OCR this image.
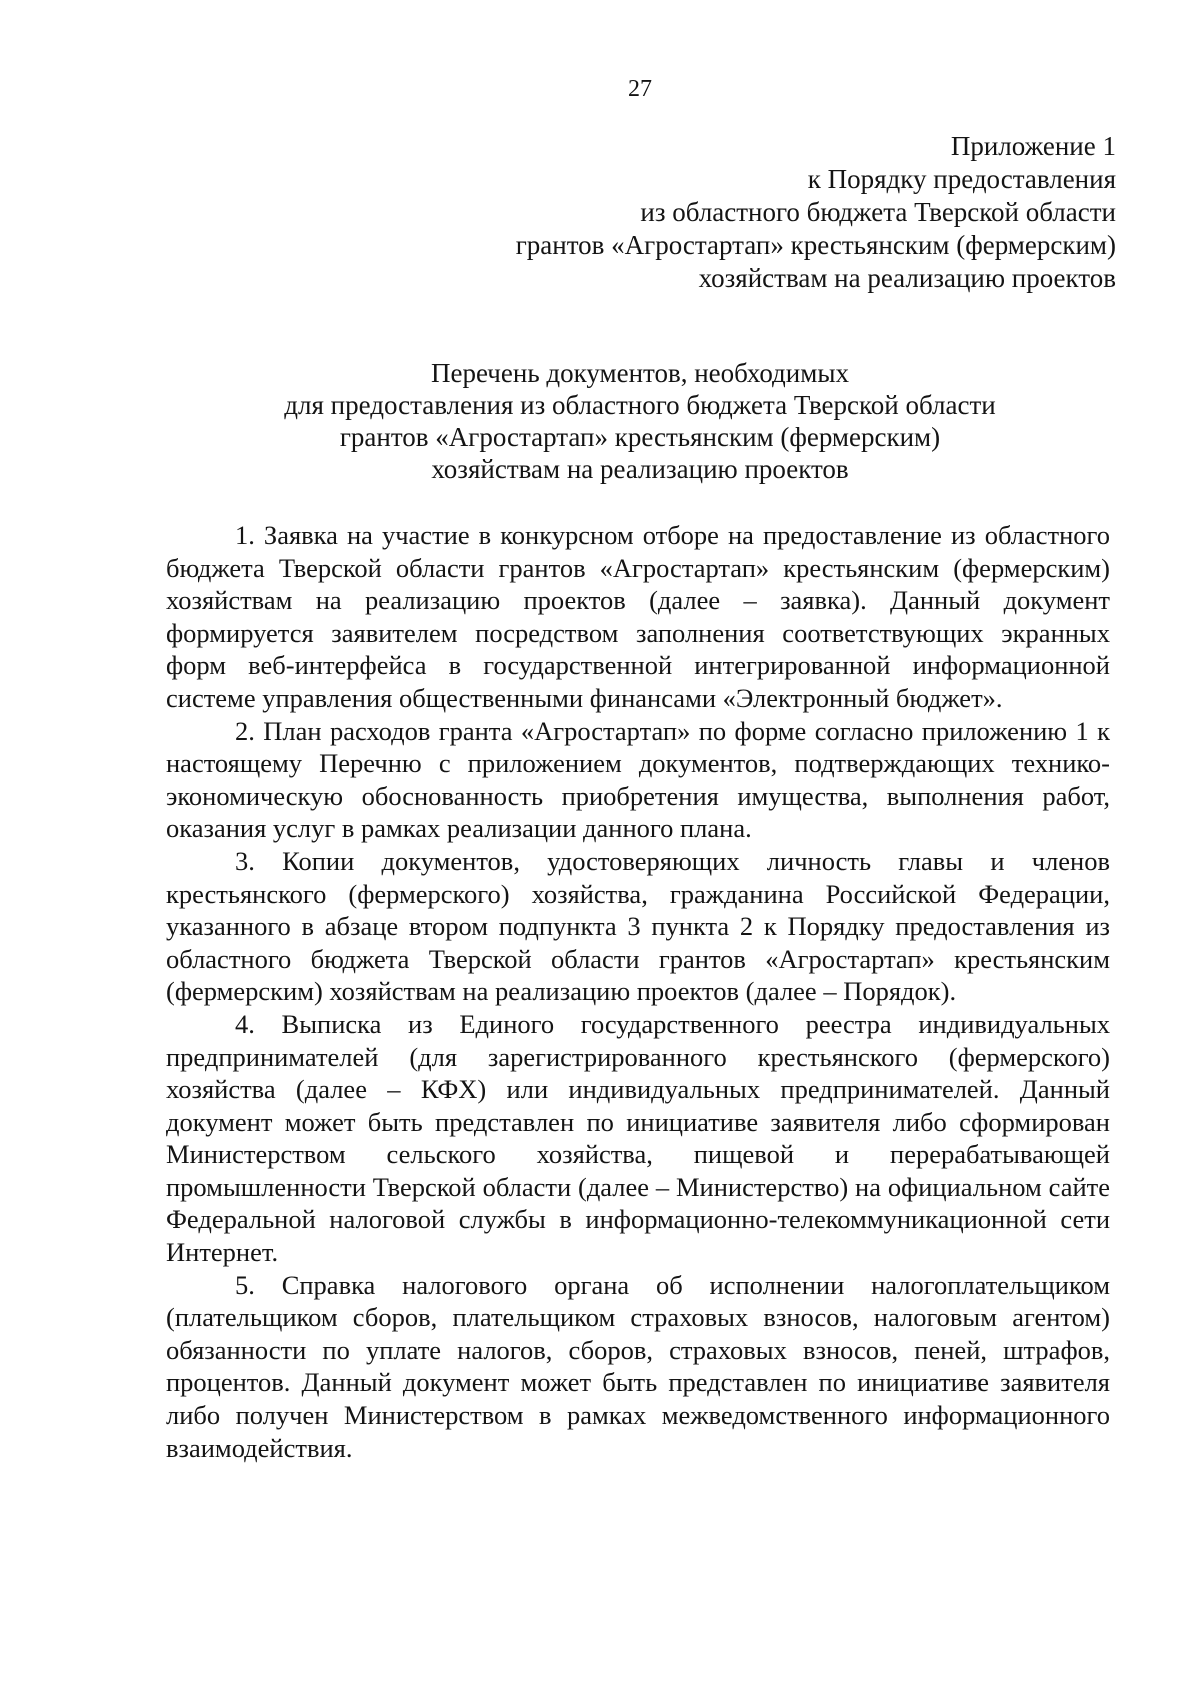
27
Приложение 1
к Порядку предоставления
из областного бюджета Тверской области
грантов «Агростартап» крестьянским (фермерским)
хозяйствам на реализацию проектов
Перечень документов, необходимых
для предоставления из областного бюджета Тверской области
грантов «Агростартап» крестьянским (фермерским)
хозяйствам на реализацию проектов

1. Заявка на участие в конкурсном отборе на предоставление из областного бюджета Тверской области грантов «Агростартап» крестьянским (фермерским) хозяйствам на реализацию проектов (далее – заявка). Данный документ формируется заявителем посредством заполнения соответствующих экранных форм веб-интерфейса в государственной интегрированной информационной системе управления общественными финансами «Электронный бюджет».

2. План расходов гранта «Агростартап» по форме согласно приложению 1 к настоящему Перечню с приложением документов, подтверждающих технико-экономическую обоснованность приобретения имущества, выполнения работ, оказания услуг в рамках реализации данного плана.

3. Копии документов, удостоверяющих личность главы и членов крестьянского (фермерского) хозяйства, гражданина Российской Федерации, указанного в абзаце втором подпункта 3 пункта 2 к Порядку предоставления из областного бюджета Тверской области грантов «Агростартап» крестьянским (фермерским) хозяйствам на реализацию проектов (далее – Порядок).

4. Выписка из Единого государственного реестра индивидуальных предпринимателей (для зарегистрированного крестьянского (фермерского) хозяйства (далее – КФХ) или индивидуальных предпринимателей. Данный документ может быть представлен по инициативе заявителя либо сформирован Министерством сельского хозяйства, пищевой и перерабатывающей промышленности Тверской области (далее – Министерство) на официальном сайте Федеральной налоговой службы в информационно-телекоммуникационной сети Интернет.

5. Справка налогового органа об исполнении налогоплательщиком (плательщиком сборов, плательщиком страховых взносов, налоговым агентом) обязанности по уплате налогов, сборов, страховых взносов, пеней, штрафов, процентов. Данный документ может быть представлен по инициативе заявителя либо получен Министерством в рамках межведомственного информационного взаимодействия.
